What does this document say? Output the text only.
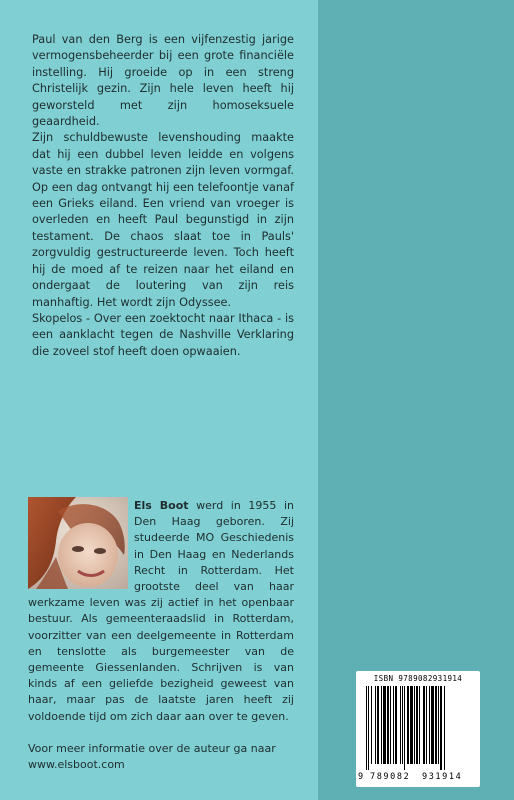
Paul van den Berg is een vijfenzestig jarige vermogensbeheerder bij een grote financiële instelling. Hij groeide op in een streng Christelijk gezin. Zijn hele leven heeft hij geworsteld met zijn homoseksuele geaardheid.

Zijn schuldbewuste levenshouding maakte dat hij een dubbel leven leidde en volgens vaste en strakke patronen zijn leven vormgaf. Op een dag ontvangt hij een telefoontje vanaf een Grieks eiland. Een vriend van vroeger is overleden en heeft Paul begunstigd in zijn testament. De chaos slaat toe in Pauls' zorgvuldig gestructureerde leven. Toch heeft hij de moed af te reizen naar het eiland en ondergaat de loutering van zijn reis manhaftig. Het wordt zijn Odyssee.

Skopelos - Over een zoektocht naar Ithaca - is een aanklacht tegen de Nashville Verklaring die zoveel stof heeft doen opwaaien.

Els Boot werd in 1955 in Den Haag geboren. Zij studeerde MO Geschiedenis in Den Haag en Nederlands Recht in Rotterdam. Het grootste deel van haar werkzame leven was zij actief in het openbaar bestuur. Als gemeenteraadslid in Rotterdam, voorzitter van een deelgemeente in Rotterdam en tenslotte als burgemeester van de gemeente Giessenlanden. Schrijven is van kinds af een geliefde bezigheid geweest van haar, maar pas de laatste jaren heeft zij voldoende tijd om zich daar aan over te geven.

Voor meer informatie over de auteur ga naar

www.elsboot.com

ISBN 9789082931914
9 789082 931914
